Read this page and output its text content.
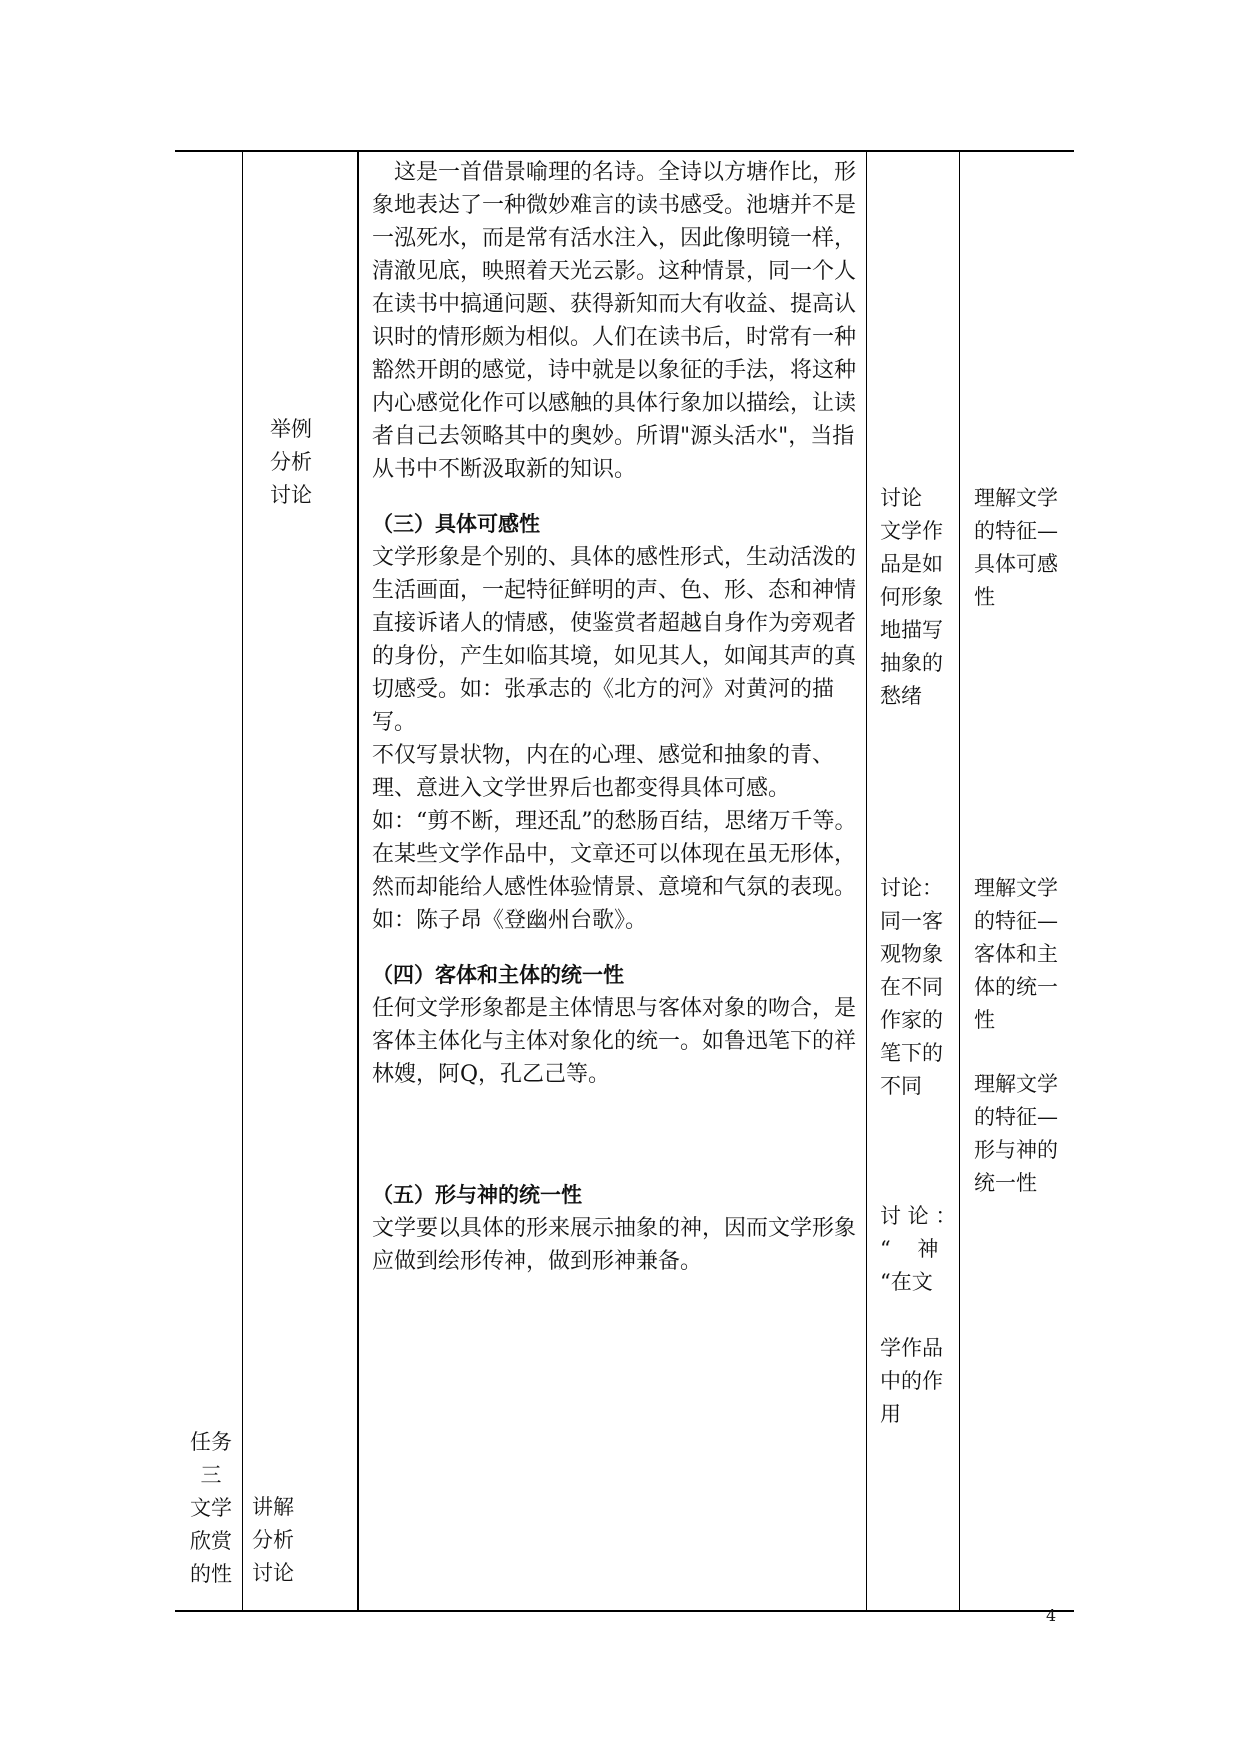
任务
三
文学
欣赏
的性
举例
分析
讨论
讲解
分析
讨论

这是一首借景喻理的名诗。全诗以方塘作比，形象地表达了一种微妙难言的读书感受。池塘并不是一泓死水，而是常有活水注入，因此像明镜一样，清澈见底，映照着天光云影。这种情景，同一个人在读书中搞通问题、获得新知而大有收益、提高认识时的情形颇为相似。人们在读书后，时常有一种豁然开朗的感觉，诗中就是以象征的手法，将这种内心感觉化作可以感触的具体行象加以描绘，让读者自己去领略其中的奥妙。所谓"源头活水"，当指从书中不断汲取新的知识。

（三）具体可感性

文学形象是个别的、具体的感性形式，生动活泼的生活画面，一起特征鲜明的声、色、形、态和神情直接诉诸人的情感，使鉴赏者超越自身作为旁观者的身份，产生如临其境，如见其人，如闻其声的真切感受。如：张承志的《北方的河》对黄河的描写。

不仅写景状物，内在的心理、感觉和抽象的青、理、意进入文学世界后也都变得具体可感。如：“剪不断，理还乱”的愁肠百结，思绪万千等。在某些文学作品中，文章还可以体现在虽无形体，然而却能给人感性体验情景、意境和气氛的表现。如：陈子昂《登幽州台歌》。

（四）客体和主体的统一性

任何文学形象都是主体情思与客体对象的吻合，是客体主体化与主体对象化的统一。如鲁迅笔下的祥林嫂，阿Q，孔乙己等。

（五）形与神的统一性

文学要以具体的形来展示抽象的神，因而文学形象应做到绘形传神，做到形神兼备。

讨论
文学作
品是如
何形象
地描写
抽象的
愁绪
讨论：
同一客
观物象
在不同
作家的
笔下的
不同
讨 论 ：
“    神
“在文

学作品
中的作
用
理解文学
的特征—
具体可感
性
理解文学
的特征—
客体和主
体的统一
性
理解文学
的特征—
形与神的
统一性
4
